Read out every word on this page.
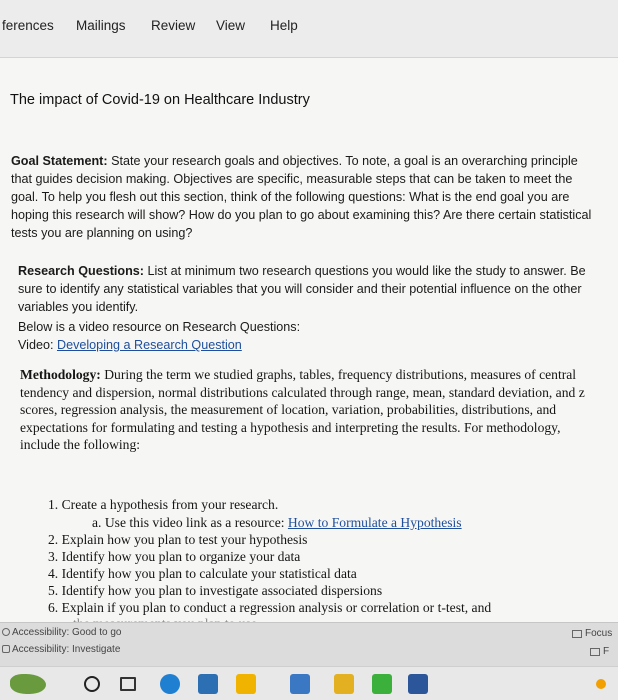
ferences Mailings Review View Help
The impact of Covid-19 on Healthcare Industry
Goal Statement: State your research goals and objectives. To note, a goal is an overarching principle that guides decision making. Objectives are specific, measurable steps that can be taken to meet the goal. To help you flesh out this section, think of the following questions: What is the end goal you are hoping this research will show? How do you plan to go about examining this? Are there certain statistical tests you are planning on using?
Research Questions: List at minimum two research questions you would like the study to answer. Be sure to identify any statistical variables that you will consider and their potential influence on the other variables you identify.
Below is a video resource on Research Questions:
Video: Developing a Research Question
Methodology: During the term we studied graphs, tables, frequency distributions, measures of central tendency and dispersion, normal distributions calculated through range, mean, standard deviation, and z scores, regression analysis, the measurement of location, variation, probabilities, distributions, and expectations for formulating and testing a hypothesis and interpreting the results. For methodology, include the following:
1. Create a hypothesis from your research.
a. Use this video link as a resource: How to Formulate a Hypothesis
2. Explain how you plan to test your hypothesis
3. Identify how you plan to organize your data
4. Identify how you plan to calculate your statistical data
5. Identify how you plan to investigate associated dispersions
6. Explain if you plan to conduct a regression analysis or correlation or t-test, and
Accessibility: Good to go
Accessibility: Investigate
Focus
F
